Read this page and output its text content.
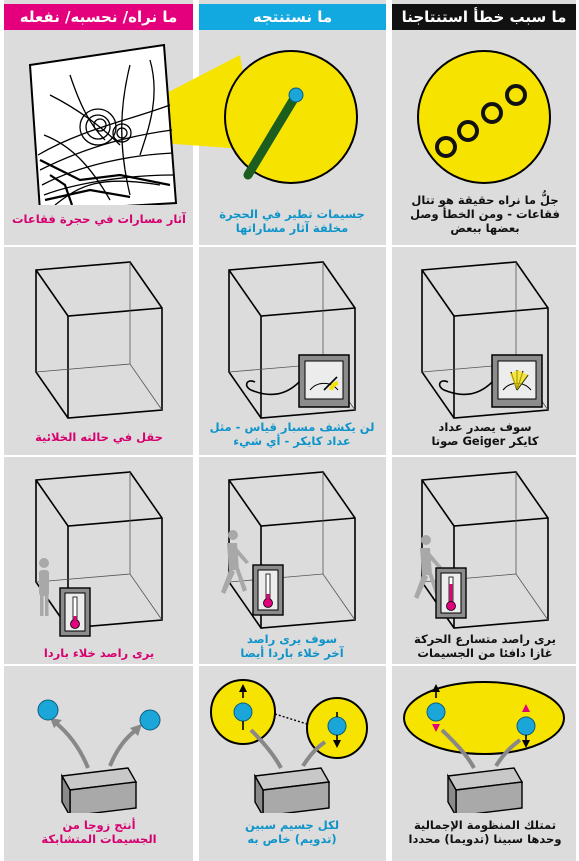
ما سبب خطأ استنتاجنا
ما نستنتجه
ما نراه/ نحسبه/ نفعله
آثار مسارات في حجرة فقاعات	جسيمات تطير في الحجرة
مخلفة آثار مساراتها
جلُّ ما نراه حقيقة هو تتال
فقاعات - ومن الخطأ وصل
بعضها ببعض
حقل في حالته الخلائية
لن يكشف مسبار قياس - مثل
عداد كايكر - أي شيء
سوف يصدر عداد
كايكر Geiger صوتا
يرى راصد خلاء باردا
سوف يرى راصد
آخر خلاء باردا أيضا
يرى راصد متسارع الحركة
غازا دافئا من الجسيمات
أنتج زوجا من
الجسيمات المتشابكة
لكل جسيم سبين
(تدويم) خاص به
تمتلك المنظومة الإجمالية
وحدها سبينا (تدويما) محددا
